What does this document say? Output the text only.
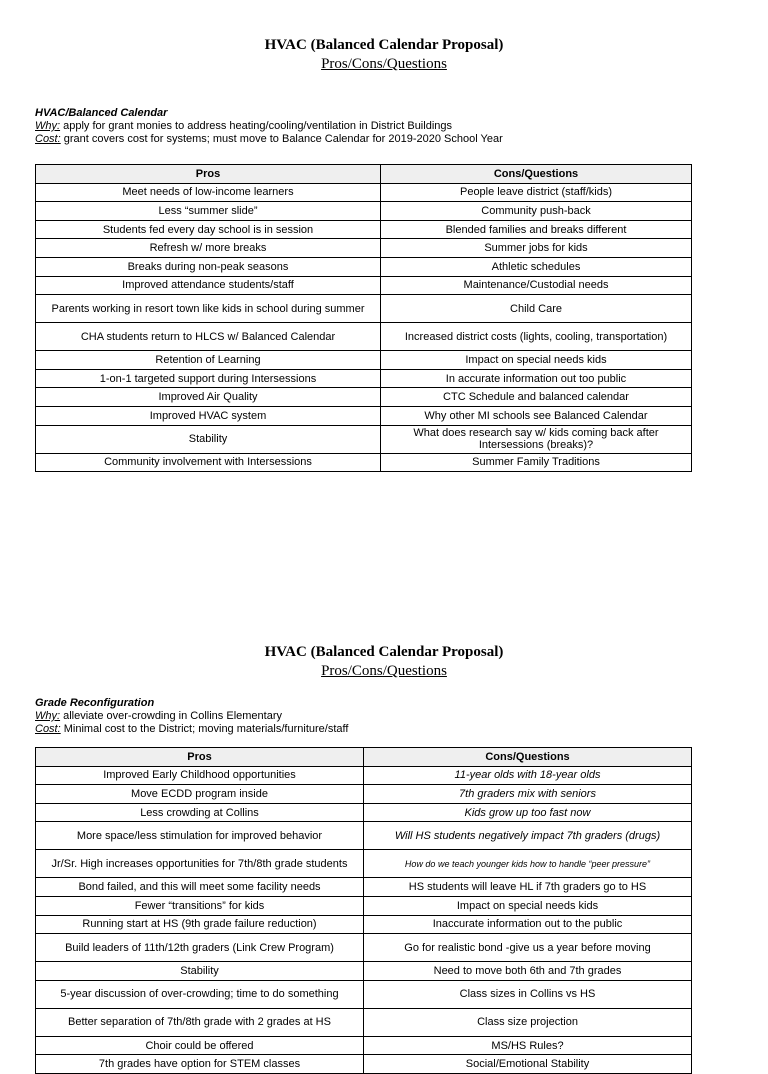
HVAC (Balanced Calendar Proposal)
Pros/Cons/Questions
HVAC/Balanced Calendar
Why: apply for grant monies to address heating/cooling/ventilation in District Buildings
Cost: grant covers cost for systems; must move to Balance Calendar for 2019-2020 School Year
Pros	Cons/Questions
Meet needs of low-income learners	People leave district (staff/kids)
Less “summer slide”	Community push-back
Students fed every day school is in session	Blended families and breaks different
Refresh w/ more breaks	Summer jobs for kids
Breaks during non-peak seasons	Athletic schedules
Improved attendance students/staff	Maintenance/Custodial needs
Parents working in resort town like kids in school during summer	Child Care
CHA students return to HLCS w/ Balanced Calendar	Increased district costs (lights, cooling, transportation)
Retention of Learning	Impact on special needs kids
1-on-1 targeted support during Intersessions	In accurate information out too public
Improved Air Quality	CTC Schedule and balanced calendar
Improved HVAC system	Why other MI schools see Balanced Calendar
Stability	What does research say w/ kids coming back after Intersessions (breaks)?
Community involvement with Intersessions	Summer Family Traditions
HVAC (Balanced Calendar Proposal)
Pros/Cons/Questions
Grade Reconfiguration
Why: alleviate over-crowding in Collins Elementary
Cost: Minimal cost to the District; moving materials/furniture/staff
Pros	Cons/Questions
Improved Early Childhood opportunities	11-year olds with 18-year olds
Move ECDD program inside	7th graders mix with seniors
Less crowding at Collins	Kids grow up too fast now
More space/less stimulation for improved behavior	Will HS students negatively impact 7th graders (drugs)
Jr/Sr. High increases opportunities for 7th/8th grade students	How do we teach younger kids how to handle “peer pressure”
Bond failed, and this will meet some facility needs	HS students will leave HL if 7th graders go to HS
Fewer “transitions” for kids	Impact on special needs kids
Running start at HS (9th grade failure reduction)	Inaccurate information out to the public
Build leaders of 11th/12th graders (Link Crew Program)	Go for realistic bond -give us a year before moving
Stability	Need to move both 6th and 7th grades
5-year discussion of over-crowding; time to do something	Class sizes in Collins vs HS
Better separation of 7th/8th grade with 2 grades at HS	Class size projection
Choir could be offered	MS/HS Rules?
7th grades have option for STEM classes	Social/Emotional Stability
